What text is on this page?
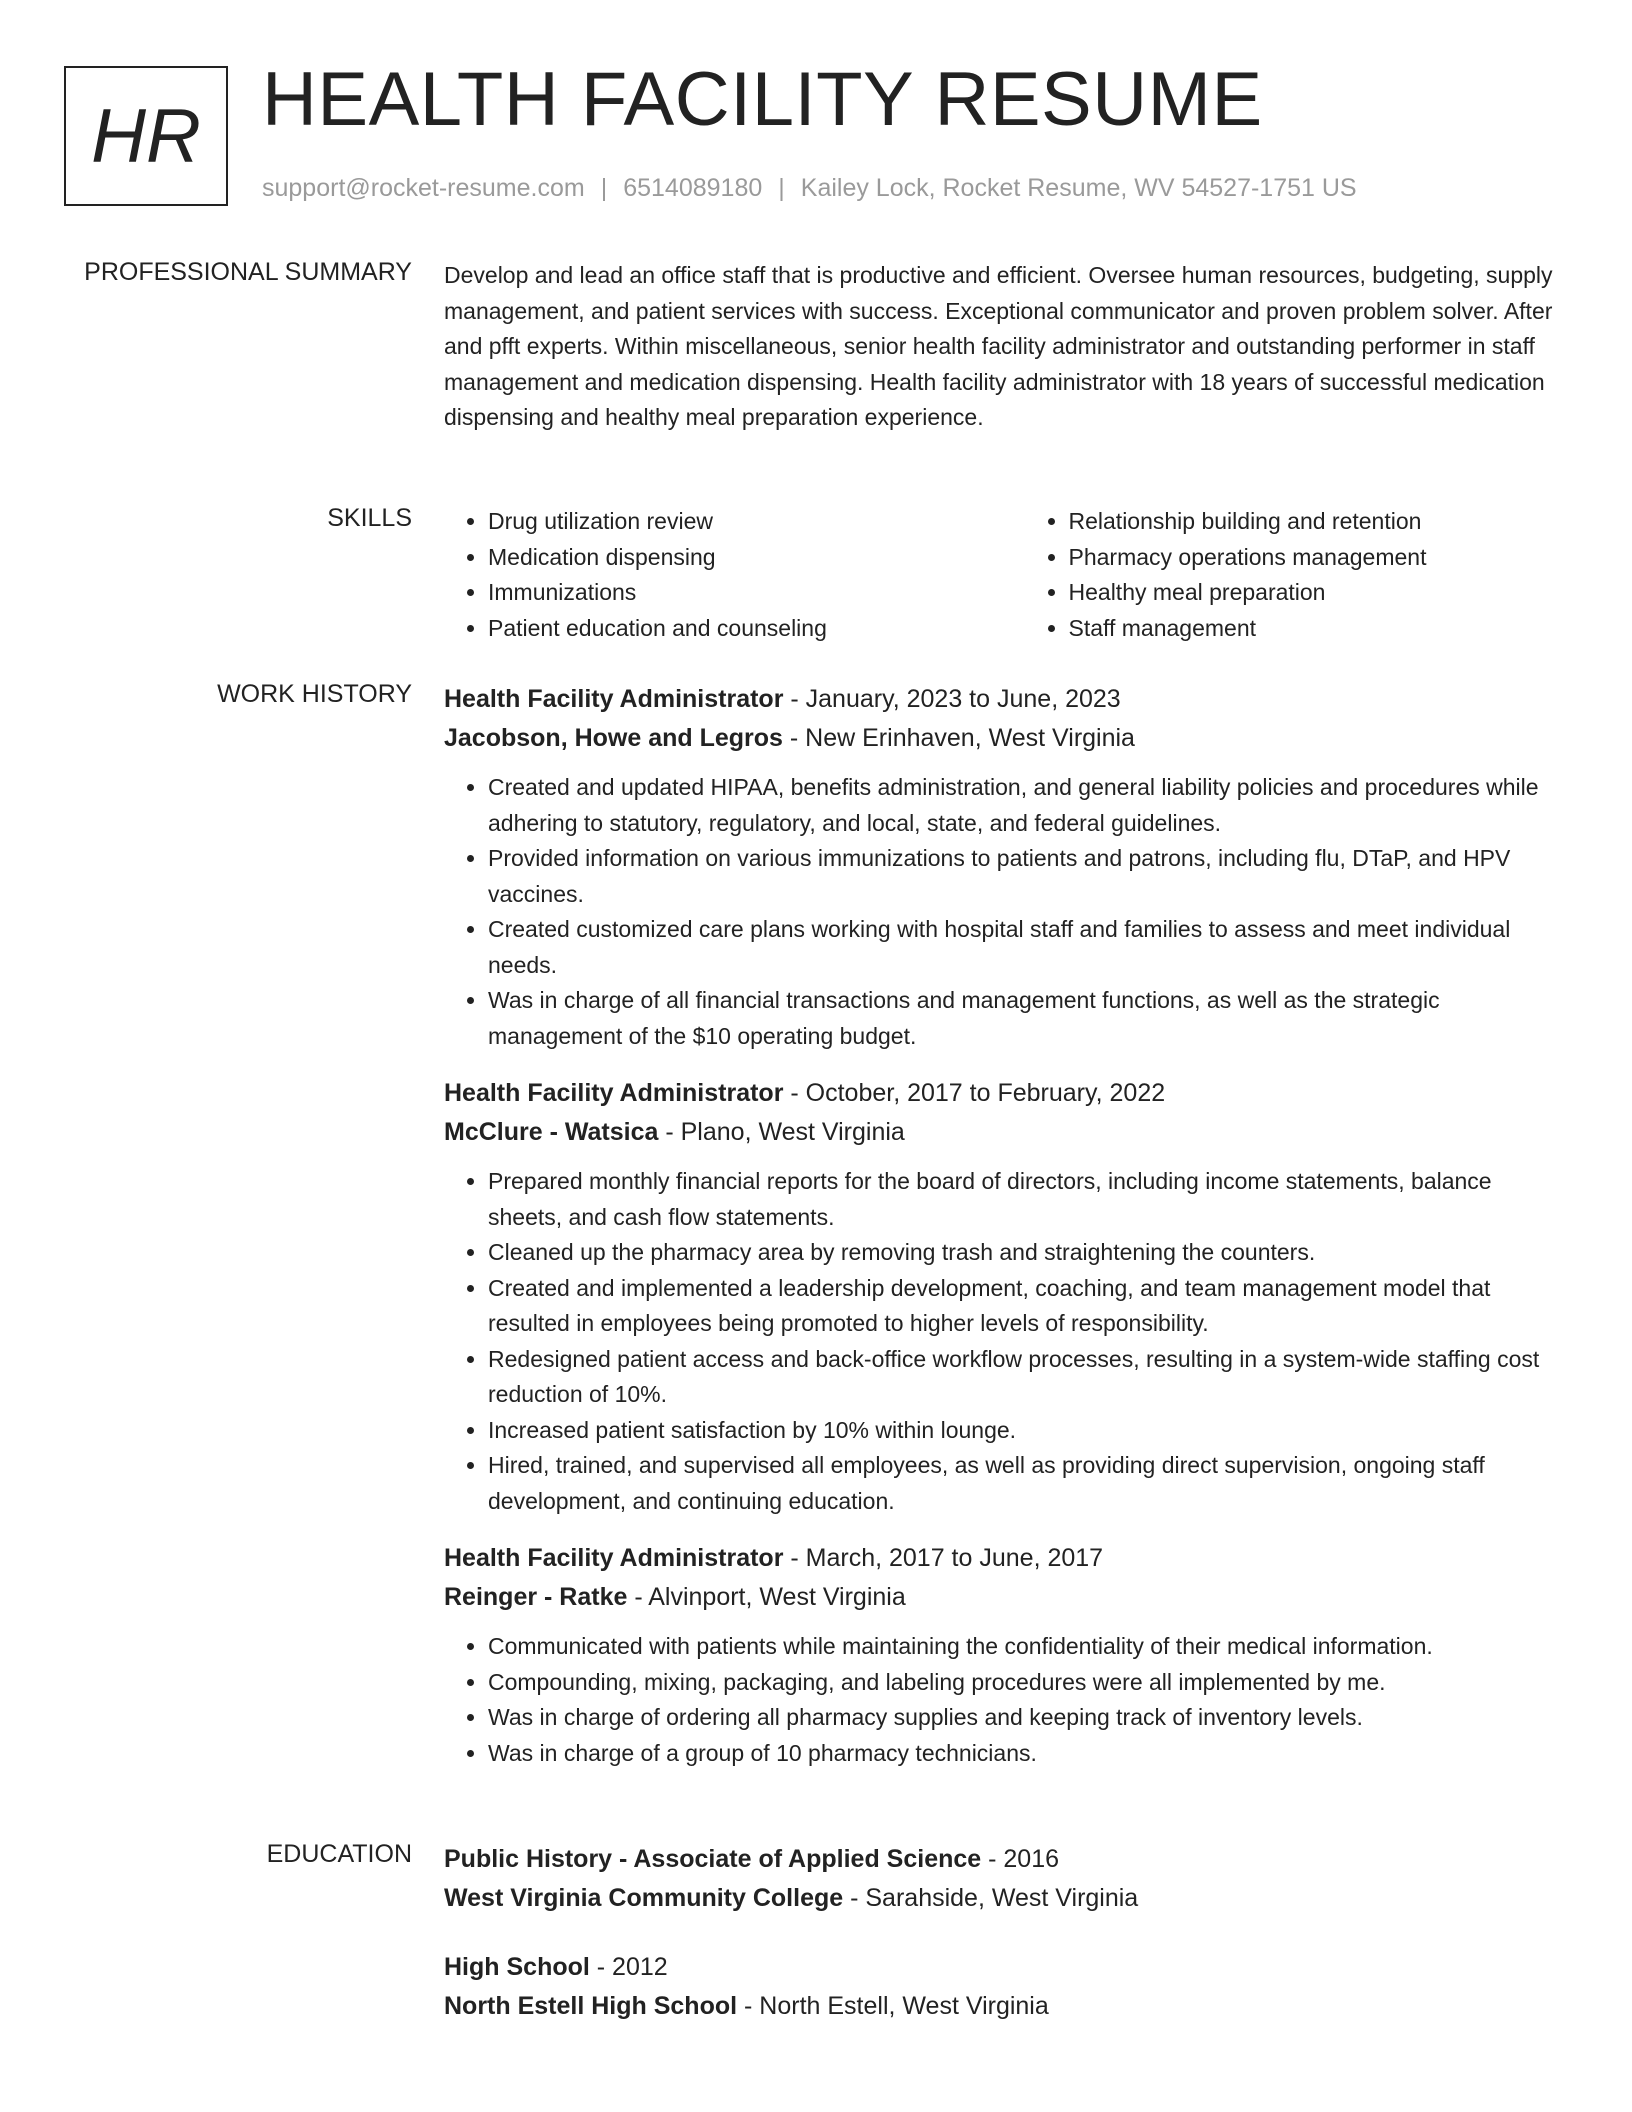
HR HEALTH FACILITY RESUME
support@rocket-resume.com | 6514089180 | Kailey Lock, Rocket Resume, WV 54527-1751 US
PROFESSIONAL SUMMARY Develop and lead an office staff that is productive and efficient. Oversee human resources, budgeting, supply management, and patient services with success. Exceptional communicator and proven problem solver. After and pfft experts. Within miscellaneous, senior health facility administrator and outstanding performer in staff management and medication dispensing. Health facility administrator with 18 years of successful medication dispensing and healthy meal preparation experience.

SKILLS
•	Drug utilization review
• Medication dispensing
• Immunizations
• Patient education and counseling
• Relationship building and retention
• Pharmacy operations management
• Healthy meal preparation
• Staff management
WORK HISTORY Health Facility Administrator - January, 2023 to June, 2023
Jacobson, Howe and Legros - New Erinhaven, West Virginia
• Created and updated HIPAA, benefits administration, and general liability policies and procedures while adhering to statutory, regulatory, and local, state, and federal guidelines.
• Provided information on various immunizations to patients and patrons, including flu, DTaP, and HPV vaccines.
• Created customized care plans working with hospital staff and families to assess and meet individual needs.
• Was in charge of all financial transactions and management functions, as well as the strategic management of the $10 operating budget.
Health Facility Administrator - October, 2017 to February, 2022
McClure - Watsica - Plano, West Virginia
• Prepared monthly financial reports for the board of directors, including income statements, balance sheets, and cash flow statements.
• Cleaned up the pharmacy area by removing trash and straightening the counters.
• Created and implemented a leadership development, coaching, and team management model that resulted in employees being promoted to higher levels of responsibility.
• Redesigned patient access and back-office workflow processes, resulting in a system-wide staffing cost reduction of 10%.
• Increased patient satisfaction by 10% within lounge.
• Hired, trained, and supervised all employees, as well as providing direct supervision, ongoing staff development, and continuing education.
Health Facility Administrator - March, 2017 to June, 2017
Reinger - Ratke - Alvinport, West Virginia
• Communicated with patients while maintaining the confidentiality of their medical information.
• Compounding, mixing, packaging, and labeling procedures were all implemented by me.
• Was in charge of ordering all pharmacy supplies and keeping track of inventory levels.
• Was in charge of a group of 10 pharmacy technicians.
EDUCATION Public History - Associate of Applied Science - 2016
West Virginia Community College - Sarahside, West Virginia
High School - 2012
North Estell High School - North Estell, West Virginia
